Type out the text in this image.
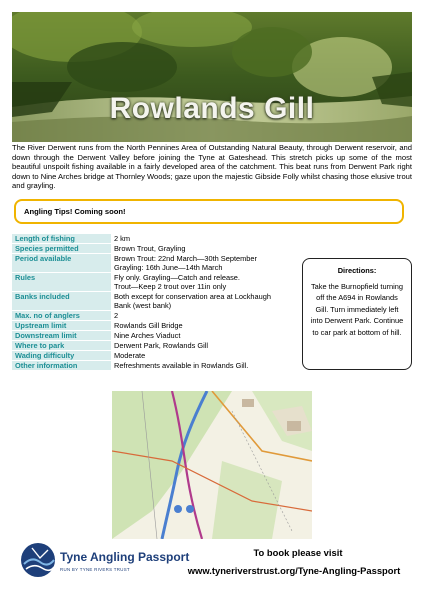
Rowlands Gill
The River Derwent runs from the North Pennines Area of Outstanding Natural Beauty, through Derwent reservoir, and down through the Derwent Valley before joining the Tyne at Gateshead. This stretch picks up some of the most beautiful unspoilt fishing available in a fairly developed area of the catchment. This beat runs from Derwent Park right down to Nine Arches bridge at Thornley Woods; gaze upon the majestic Gibside Folly whilst chasing those elusive trout and grayling.
Angling Tips! Coming soon!
Length of fishing	2 km
Species permitted	Brown Trout, Grayling
Period available	Brown Trout: 22nd March—30th September
Grayling: 16th June—14th March
Rules	Fly only. Grayling—Catch and release.
Trout—Keep 2 trout over 11in only
Banks included	Both except for conservation area at Lockhaugh Bank (west bank)
Max. no of anglers	2
Upstream limit	Rowlands Gill Bridge
Downstream limit	Nine Arches Viaduct
Where to park	Derwent Park, Rowlands Gill
Wading difficulty	Moderate
Other information	Refreshments available in Rowlands Gill.
Directions:
Take the Burnopfield turning off the A694 in Rowlands Gill. Turn immediately left into Derwent Park. Continue to car park at bottom of hill.
Tyne Angling Passport
RUN BY TYNE RIVERS TRUST
To book please visit
www.tyneriverstrust.org/Tyne-Angling-Passport
